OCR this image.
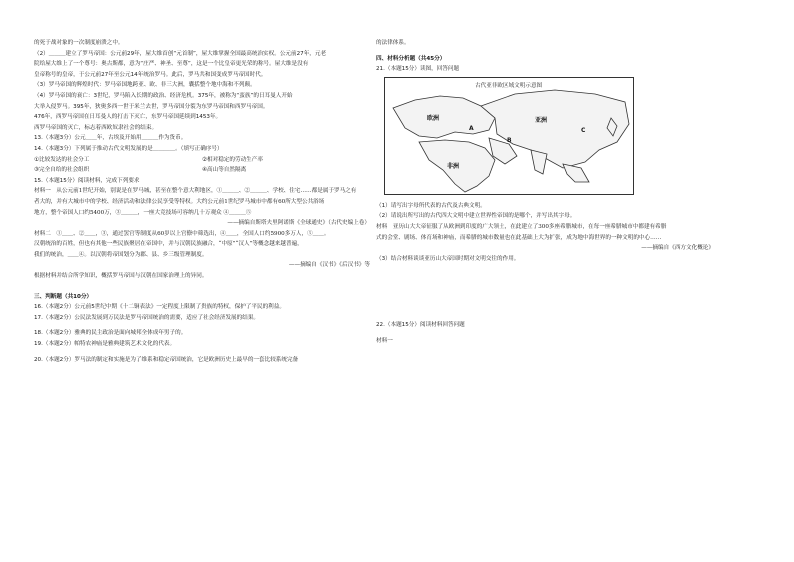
的死于战对象的一次制度崩溃之中。
（2）＿＿＿建立了罗马帝国：公元前29年，屋大维首创“元首制”，屋大维掌握全国最高统治实权。公元前27年，元老
院给屋大维上了一个尊号：奥古斯都，意为“庄严、神圣、至尊”，这是一个比皇帝更光荣的称号。屋大维是没有
皇帝称号的皇帝，于公元前27年至公元14年统治罗马。此后，罗马共和国变成罗马帝国时代。
（3）罗马帝国的辉煌时代：罗马帝国地跨亚、欧、非三大洲，囊括整个地中海和不列颠。
（4）罗马帝国的衰亡：3世纪，罗马陷入长期的政治、经济危机。375年，被称为“蛮族”的日耳曼人开始
大举入侵罗马。395年，狄奥多西一世于米兰去世，罗马帝国分裂为东罗马帝国和西罗马帝国。
476年，西罗马帝国在日耳曼人的打击下灭亡，东罗马帝国延续到1453年。
西罗马帝国的灭亡，标志着西欧奴隶社会的结束。
13.（本题3分）公元＿＿年，古埃及开始用＿＿＿作为货币。
14.（本题3分）下列属于推动古代文明发展的是＿＿＿＿。（填写正确序号）
①比较发达的社会分工	②相对稳定的劳动生产率
③完全自给的社会组织	④高山等自然隔离
15.（本题15分）阅读材料，完成下列要求
材料一　从公元前1世纪开始，别说是在罗马城，甚至在整个意大利地区，①＿＿＿、②＿＿＿、学校、住宅……都是属于罗马之有
者大的，并有大城市中的学校、经济活动和法律公民享受等特权。大约公元前1世纪罗马城市中都有60所大型公共浴场
地方，整个帝国人口约5400万，③＿＿＿，一座大竞技场可容纳几十万观众 ④＿＿＿⑤
——摘编自斯塔夫里阿诺斯《全球通史》（古代史编上卷）
材料二　①＿＿、②＿＿，③，通过罢官等制度从60岁以上官僚中筛选出，④＿＿，全国人口约5900多万人，⑤＿＿。
汉朝统治的百姓，但也有其他一些民族聚居在帝国中，并与汉朝民族融合，“中原”“汉人”等概念越来越普遍，
我们的统治，＿＿④。以汉朝将帝国划分为郡、县、乡三级管理制度。
——摘编自《汉书》《后汉书》等
根据材料并结合所学知识，概括罗马帝国与汉朝在国家治理上的异同。
三、判断题（共10分）
16.（本题2分）公元前5世纪中期《十二铜表法》一定程度上限制了贵族的特权，保护了平民的利益。
17.（本题2分）公民法发展到万民法是罗马帝国统治的需要，适应了社会经济发展的结果。
18.（本题2分）雅典的民主政治是面向城邦全体成年男子的。
19.（本题2分）帕特农神庙是雅典建筑艺术文化的代表。
20.（本题2分）罗马法的制定和实施是为了维系和稳定帝国统治，它是欧洲历史上最早的一套比较系统完备
的法律体系。
四、材料分析题（共45分）
21.（本题15分）读图，回答问题
古代亚非欧区域文明示意图
欧洲	亚洲
非洲
A
B
C
（1）请写出字母所代表的古代及古典文明。
（2）请说出所写出的古代四大文明中建立世界性帝国的是哪个，并写出其字母。
材料　亚历山大大帝征服了从欧洲到印度的广大领土，在此建立了300多座希腊城市，在每一座希腊城市中都建有希腊
式的会堂、剧场、体育场和神庙，而希腊的城市数量也在此基础上大为扩张，成为地中海世界的一种文明的中心……
——摘编自《西方文化概论》
（3）结合材料谈谈亚历山大帝国时期对文明交往的作用。
22.（本题15分）阅读材料回答问题
材料一
